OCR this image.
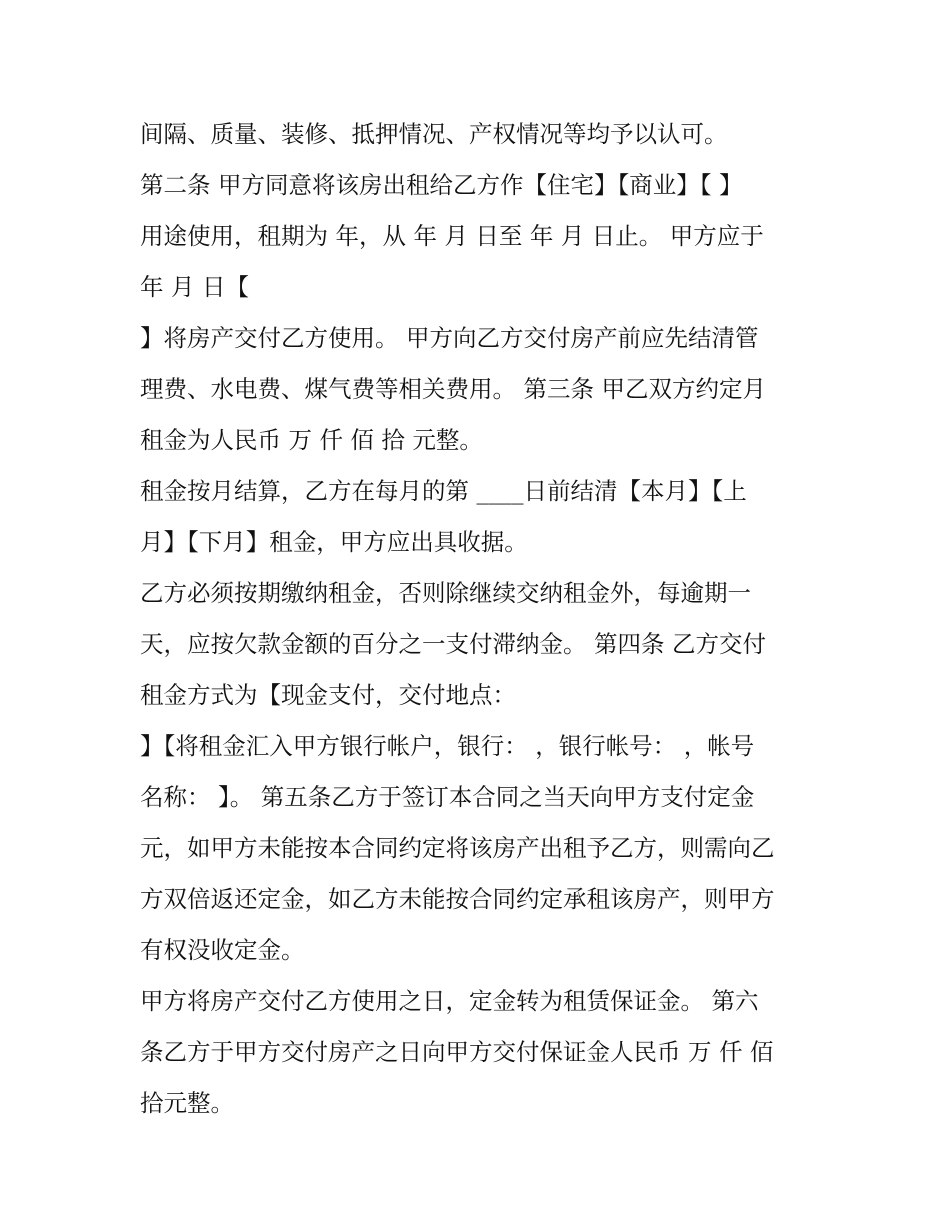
间隔、质量、装修、抵押情况、产权情况等均予以认可。
第二条 甲方同意将该房出租给乙方作【住宅】【商业】【 】
用途使用，租期为 年，从 年 月 日至 年 月 日止。 甲方应于
年 月 日【
】将房产交付乙方使用。 甲方向乙方交付房产前应先结清管
理费、水电费、煤气费等相关费用。 第三条 甲乙双方约定月
租金为人民币 万 仟 佰 拾 元整。
租金按月结算，乙方在每月的第 ____日前结清【本月】【上
月】【下月】租金，甲方应出具收据。
乙方必须按期缴纳租金，否则除继续交纳租金外，每逾期一
天，应按欠款金额的百分之一支付滞纳金。 第四条 乙方交付
租金方式为【现金支付，交付地点：
】【将租金汇入甲方银行帐户，银行： ，银行帐号： ，帐号
名称： 】。 第五条乙方于签订本合同之当天向甲方支付定金
元，如甲方未能按本合同约定将该房产出租予乙方，则需向乙
方双倍返还定金，如乙方未能按合同约定承租该房产，则甲方
有权没收定金。
甲方将房产交付乙方使用之日，定金转为租赁保证金。 第六
条乙方于甲方交付房产之日向甲方交付保证金人民币 万 仟 佰
拾元整。
